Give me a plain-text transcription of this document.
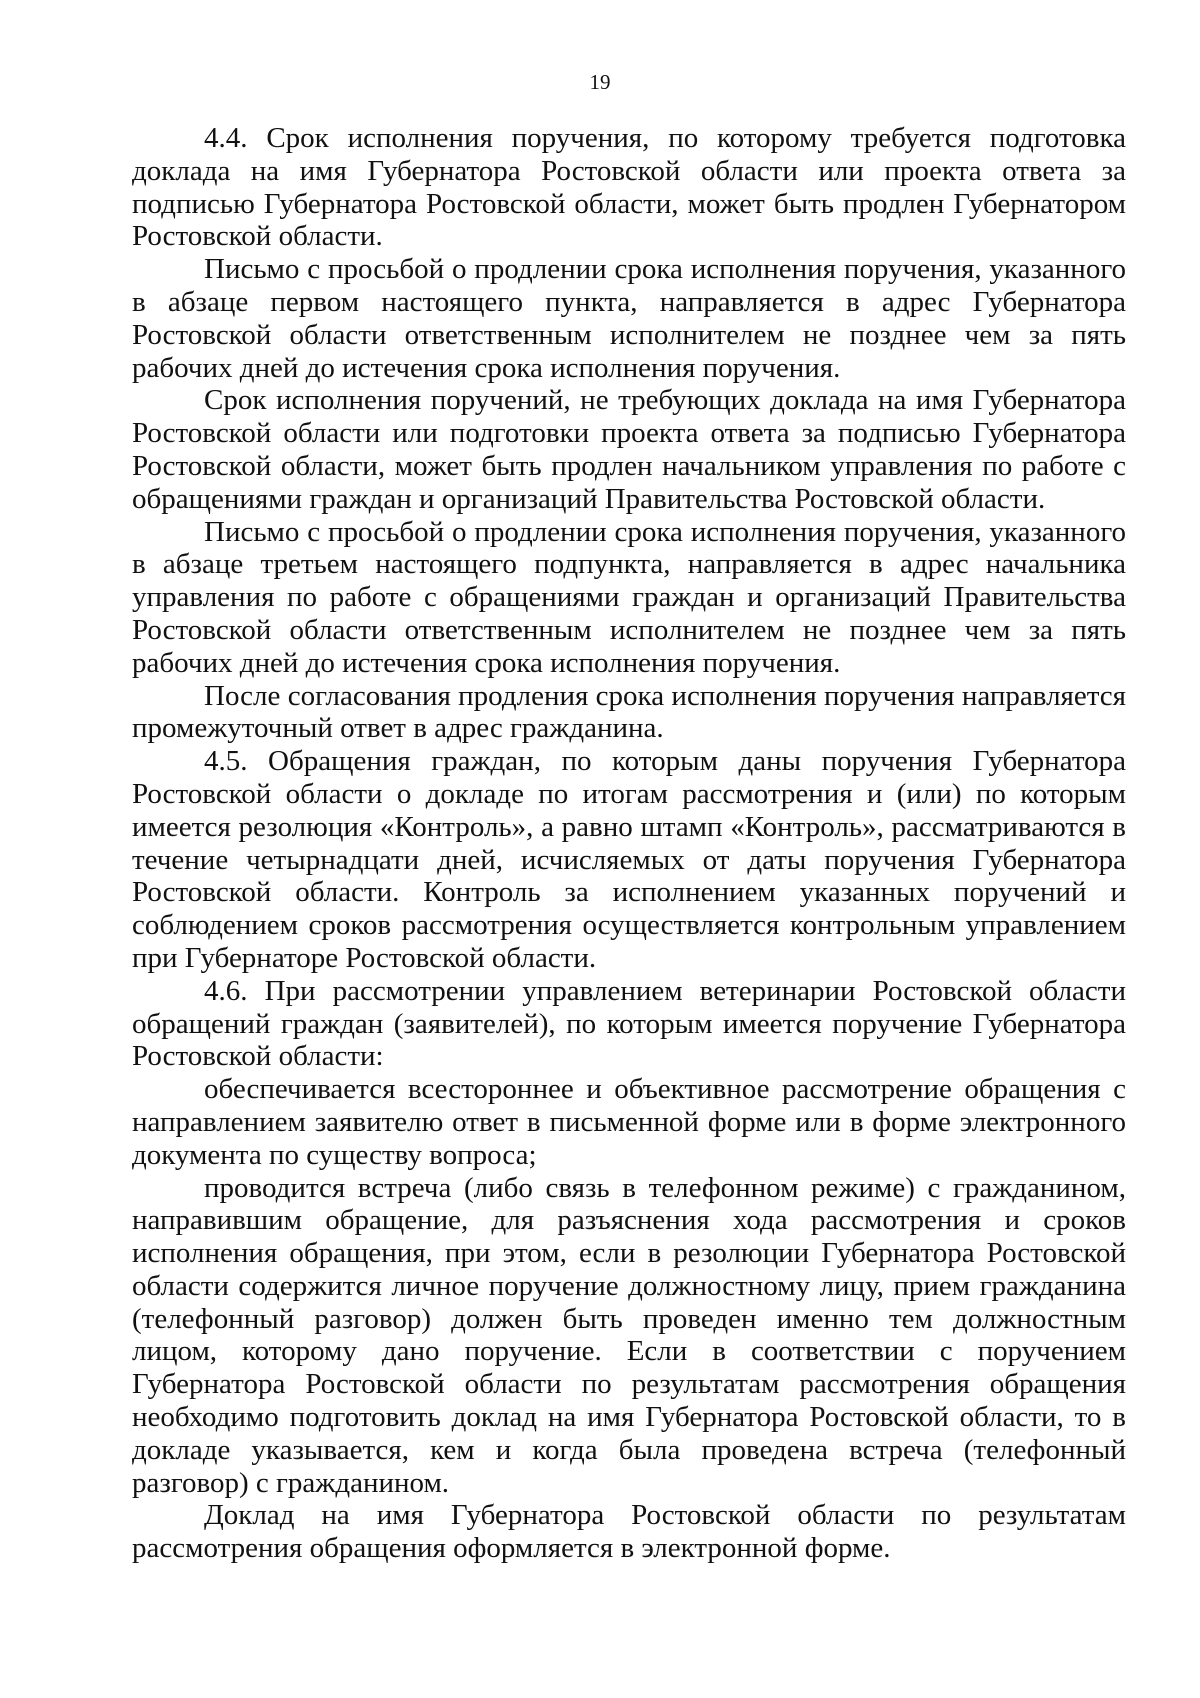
19

4.4. Срок исполнения поручения, по которому требуется подготовка доклада на имя Губернатора Ростовской области или проекта ответа за подписью Губернатора Ростовской области, может быть продлен Губернатором Ростовской области.

Письмо с просьбой о продлении срока исполнения поручения, указанного в абзаце первом настоящего пункта, направляется в адрес Губернатора Ростовской области ответственным исполнителем не позднее чем за пять рабочих дней до истечения срока исполнения поручения.

Срок исполнения поручений, не требующих доклада на имя Губернатора Ростовской области или подготовки проекта ответа за подписью Губернатора Ростовской области, может быть продлен начальником управления по работе с обращениями граждан и организаций Правительства Ростовской области.

Письмо с просьбой о продлении срока исполнения поручения, указанного в абзаце третьем настоящего подпункта, направляется в адрес начальника управления по работе с обращениями граждан и организаций Правительства Ростовской области ответственным исполнителем не позднее чем за пять рабочих дней до истечения срока исполнения поручения.

После согласования продления срока исполнения поручения направляется промежуточный ответ в адрес гражданина.

4.5. Обращения граждан, по которым даны поручения Губернатора Ростовской области о докладе по итогам рассмотрения и (или) по которым имеется резолюция «Контроль», а равно штамп «Контроль», рассматриваются в течение четырнадцати дней, исчисляемых от даты поручения Губернатора Ростовской области. Контроль за исполнением указанных поручений и соблюдением сроков рассмотрения осуществляется контрольным управлением при Губернаторе Ростовской области.

4.6. При рассмотрении управлением ветеринарии Ростовской области обращений граждан (заявителей), по которым имеется поручение Губернатора Ростовской области:

обеспечивается всестороннее и объективное рассмотрение обращения с направлением заявителю ответ в письменной форме или в форме электронного документа по существу вопроса;

проводится встреча (либо связь в телефонном режиме) с гражданином, направившим обращение, для разъяснения хода рассмотрения и сроков исполнения обращения, при этом, если в резолюции Губернатора Ростовской области содержится личное поручение должностному лицу, прием гражданина (телефонный разговор) должен быть проведен именно тем должностным лицом, которому дано поручение. Если в соответствии с поручением Губернатора Ростовской области по результатам рассмотрения обращения необходимо подготовить доклад на имя Губернатора Ростовской области, то в докладе указывается, кем и когда была проведена встреча (телефонный разговор) с гражданином.

Доклад на имя Губернатора Ростовской области по результатам рассмотрения обращения оформляется в электронной форме.
